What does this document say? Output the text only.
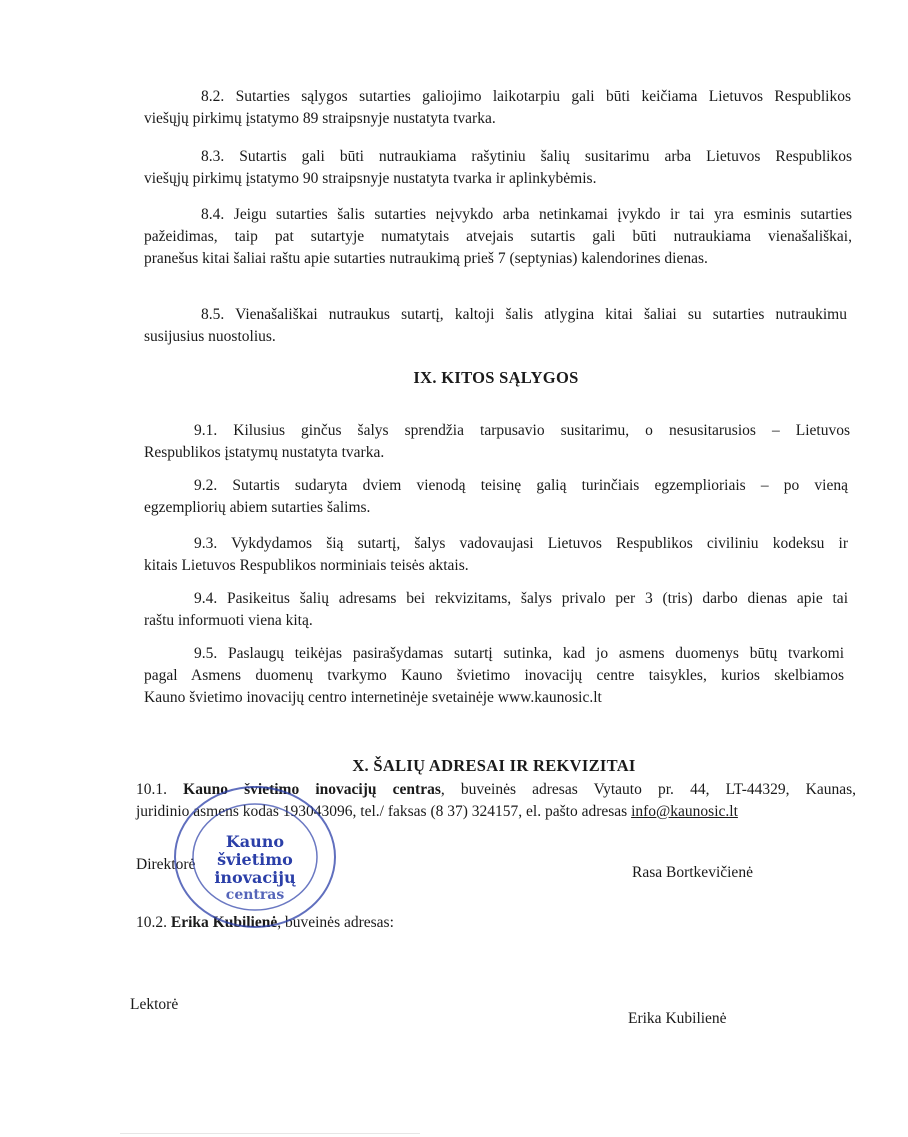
8.2. Sutarties sąlygos sutarties galiojimo laikotarpiu gali būti keičiama Lietuvos Respublikos
viešųjų pirkimų įstatymo 89 straipsnyje nustatyta tvarka.
8.3. Sutartis gali būti nutraukiama rašytiniu šalių susitarimu arba Lietuvos Respublikos
viešųjų pirkimų įstatymo 90 straipsnyje nustatyta tvarka ir aplinkybėmis.
8.4. Jeigu sutarties šalis sutarties neįvykdo arba netinkamai įvykdo ir tai yra esminis sutarties
pažeidimas, taip pat sutartyje numatytais atvejais sutartis gali būti nutraukiama vienašališkai,
pranešus kitai šaliai raštu apie sutarties nutraukimą prieš 7 (septynias) kalendorines dienas.
8.5. Vienašališkai nutraukus sutartį, kaltoji šalis atlygina kitai šaliai su sutarties nutraukimu
susijusius nuostolius.
IX. KITOS SĄLYGOS
9.1. Kilusius ginčus šalys sprendžia tarpusavio susitarimu, o nesusitarusios – Lietuvos
Respublikos įstatymų nustatyta tvarka.
9.2. Sutartis sudaryta dviem vienodą teisinę galią turinčiais egzemplioriais – po vieną
egzempliorių abiem sutarties šalims.
9.3. Vykdydamos šią sutartį, šalys vadovaujasi Lietuvos Respublikos civiliniu kodeksu ir
kitais Lietuvos Respublikos norminiais teisės aktais.
9.4. Pasikeitus šalių adresams bei rekvizitams, šalys privalo per 3 (tris) darbo dienas apie tai
raštu informuoti viena kitą.
9.5. Paslaugų teikėjas pasirašydamas sutartį sutinka, kad jo asmens duomenys būtų tvarkomi
pagal Asmens duomenų tvarkymo Kauno švietimo inovacijų centre taisykles, kurios skelbiamos
Kauno švietimo inovacijų centro internetinėje svetainėje www.kaunosic.lt
X. ŠALIŲ ADRESAI IR REKVIZITAI
10.1. Kauno švietimo inovacijų centras, buveinės adresas Vytauto pr. 44, LT-44329, Kaunas,
juridinio asmens kodas 193043096, tel./ faksas (8 37) 324157, el. pašto adresas info@kaunosic.lt
Direktorė	Rasa Bortkevičienė
10.2. Erika Kubilienė, buveinės adresas:
Lektorė
Erika Kubilienė
Kauno
švietimo
inovacijų
centras
